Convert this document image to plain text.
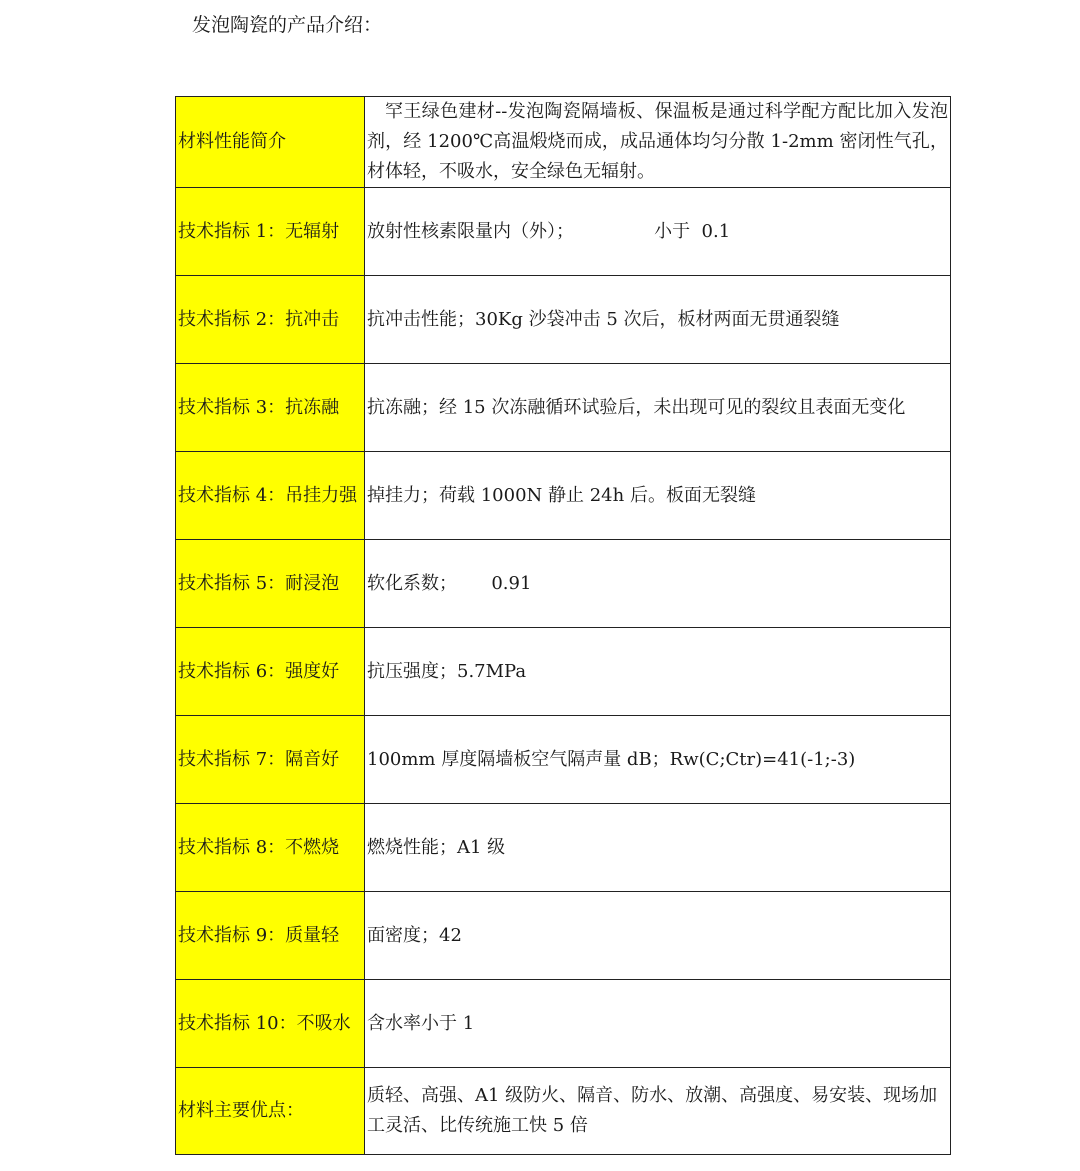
发泡陶瓷的产品介绍：
材料性能简介	罕王绿色建材--发泡陶瓷隔墙板、保温板是通过科学配方配比加入发泡剂，经 1200℃高温煅烧而成，成品通体均匀分散 1-2mm 密闭性气孔，材体轻，不吸水，安全绿色无辐射。

技术指标 1：无辐射	放射性核素限量内（外）；              小于  0.1
技术指标 2：抗冲击	抗冲击性能；30Kg 沙袋冲击 5 次后，板材两面无贯通裂缝
技术指标 3：抗冻融	抗冻融；经 15 次冻融循环试验后，未出现可见的裂纹且表面无变化
技术指标 4：吊挂力强	掉挂力；荷载 1000N 静止 24h 后。板面无裂缝
技术指标 5：耐浸泡	软化系数；      0.91
技术指标 6：强度好	抗压强度；5.7MPa
技术指标 7：隔音好	100mm 厚度隔墙板空气隔声量 dB；Rw(C;Ctr)=41(-1;-3)
技术指标 8：不燃烧	燃烧性能；A1 级
技术指标 9：质量轻	面密度；42
技术指标 10：不吸水	含水率小于 1
材料主要优点：	质轻、高强、A1 级防火、隔音、防水、放潮、高强度、易安装、现场加工灵活、比传统施工快 5 倍
